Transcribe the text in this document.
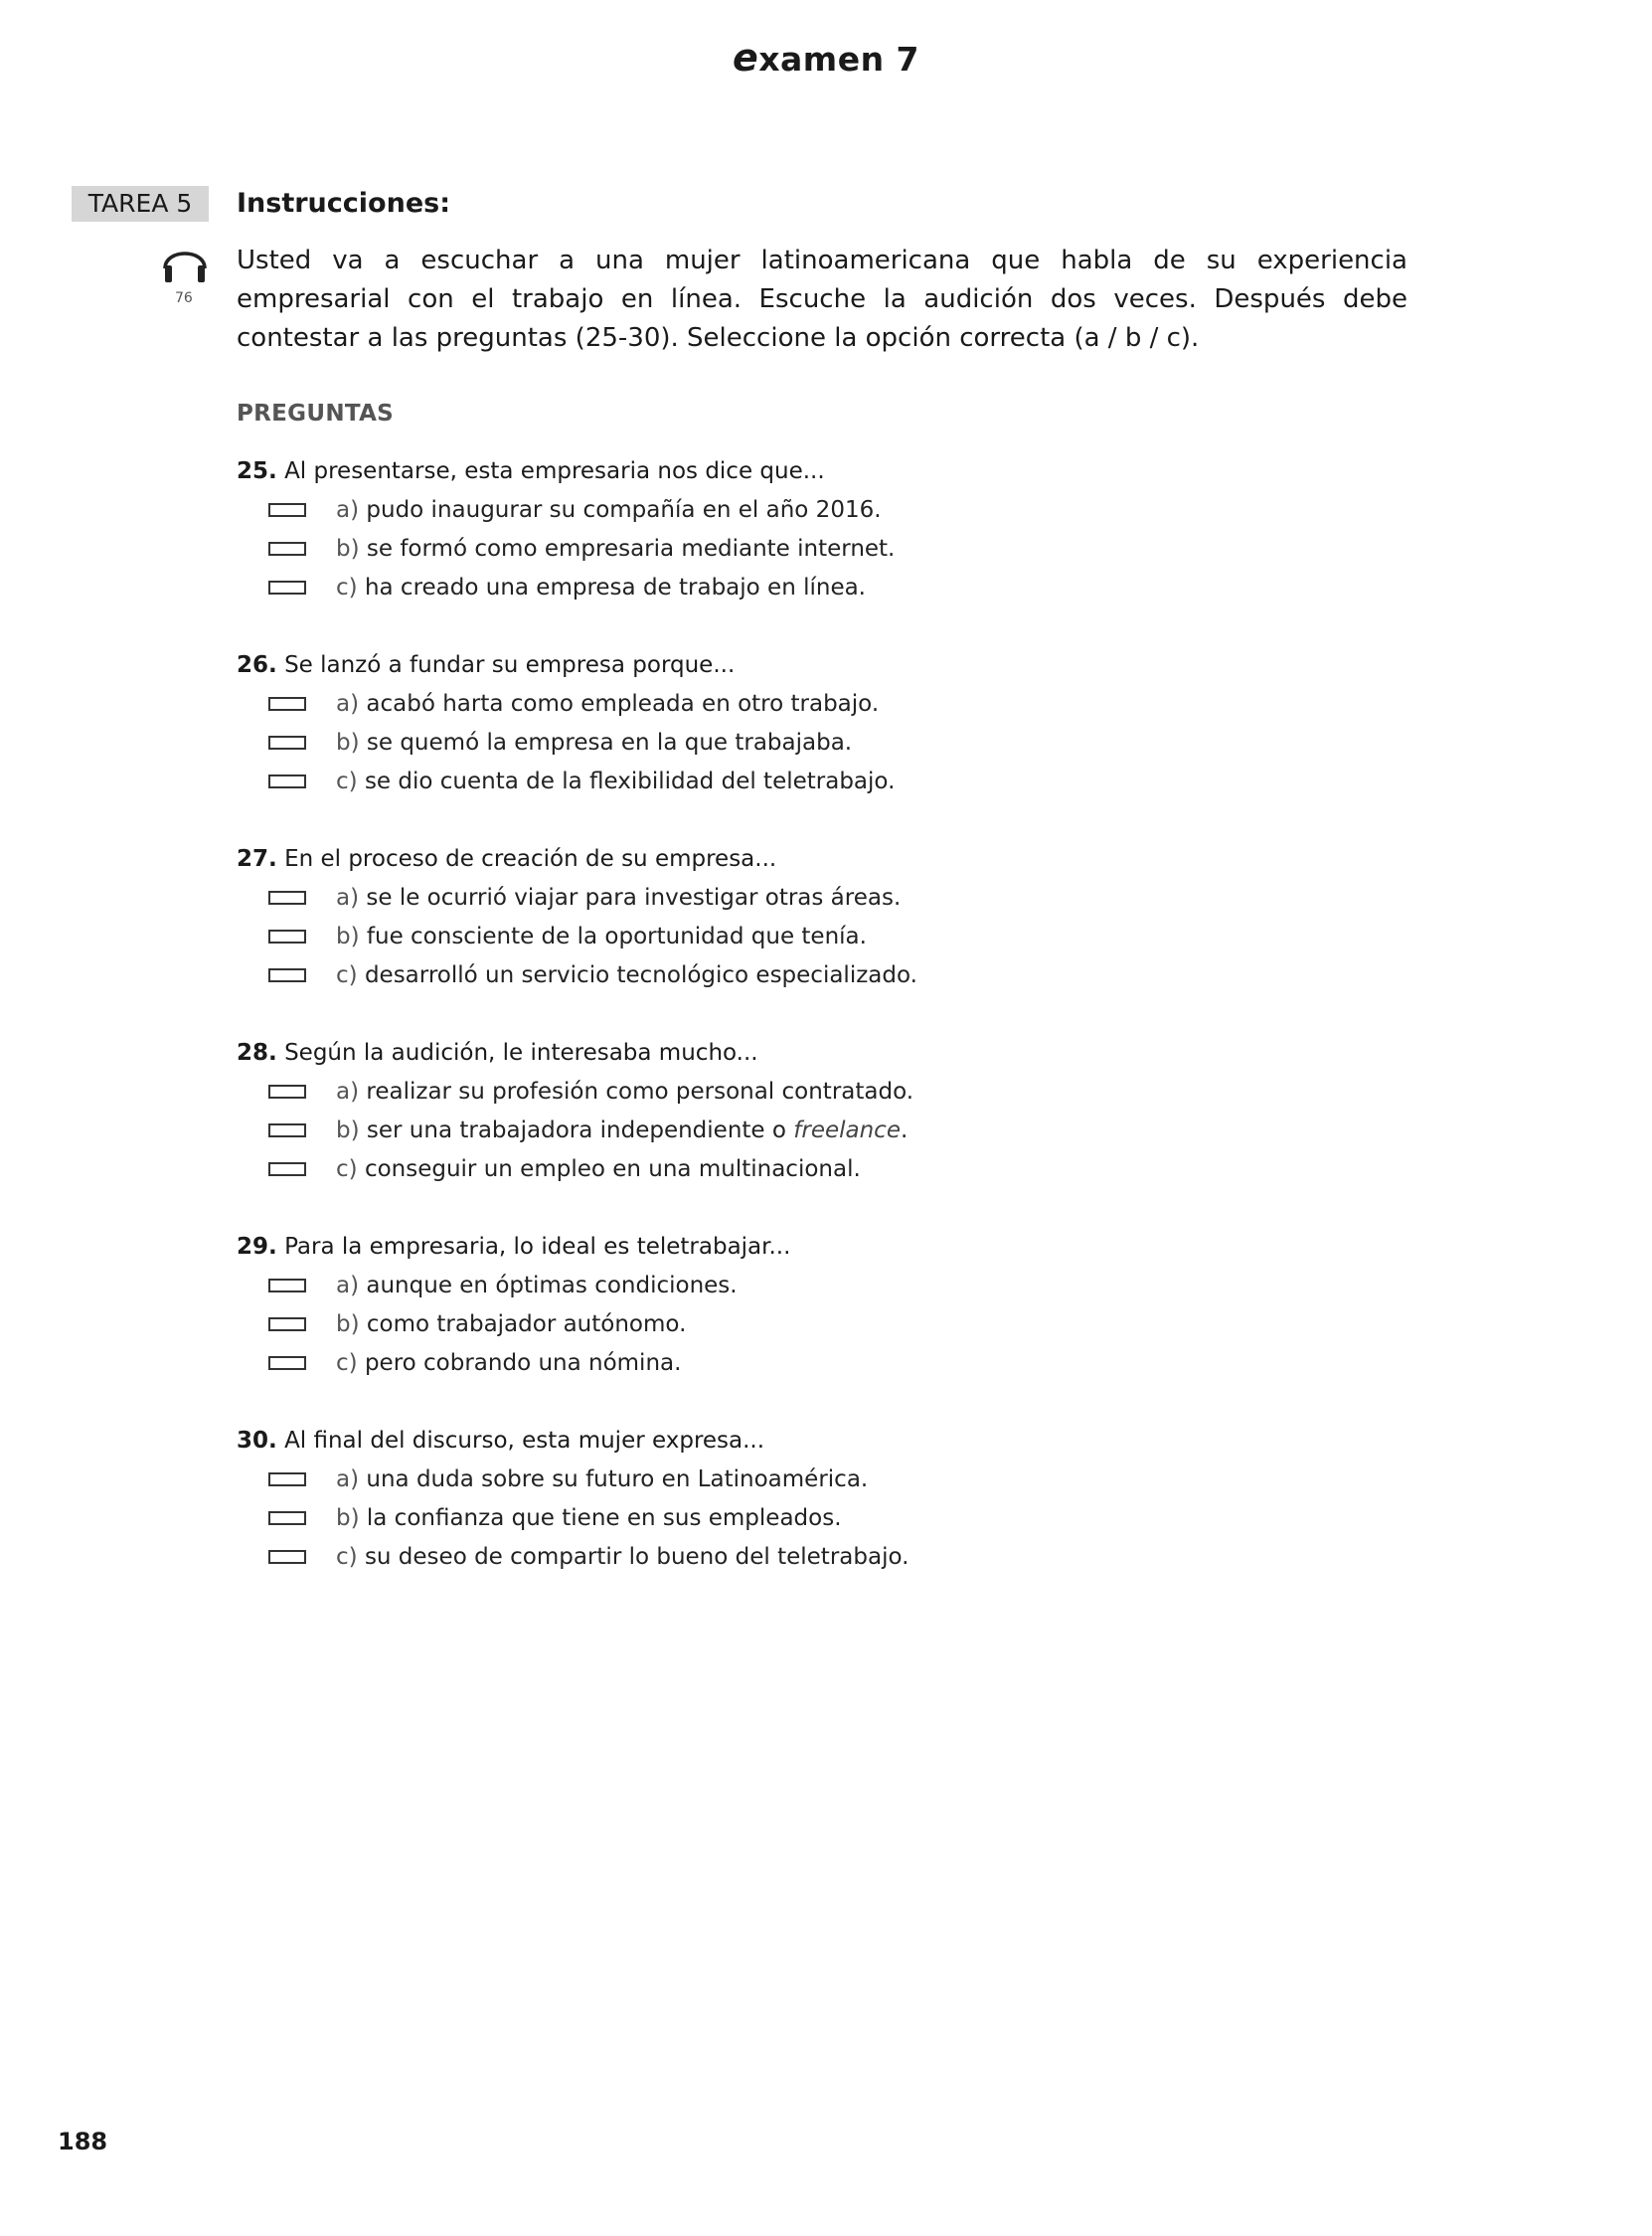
examen 7
TAREA 5	Instrucciones:
76
Usted va a escuchar a una mujer latinoamericana que habla de su experiencia empresarial con el trabajo en línea. Escuche la audición dos veces. Después debe contestar a las preguntas (25-30). Seleccione la opción correcta (a / b / c).
PREGUNTAS
25. Al presentarse, esta empresaria nos dice que...
a) pudo inaugurar su compañía en el año 2016.
b) se formó como empresaria mediante internet.
c) ha creado una empresa de trabajo en línea.
26. Se lanzó a fundar su empresa porque...
a) acabó harta como empleada en otro trabajo.
b) se quemó la empresa en la que trabajaba.
c) se dio cuenta de la flexibilidad del teletrabajo.
27. En el proceso de creación de su empresa...
a) se le ocurrió viajar para investigar otras áreas.
b) fue consciente de la oportunidad que tenía.
c) desarrolló un servicio tecnológico especializado.
28. Según la audición, le interesaba mucho...
a) realizar su profesión como personal contratado.
b) ser una trabajadora independiente o freelance.
c) conseguir un empleo en una multinacional.
29. Para la empresaria, lo ideal es teletrabajar...
a) aunque en óptimas condiciones.
b) como trabajador autónomo.
c) pero cobrando una nómina.
30. Al final del discurso, esta mujer expresa...
a) una duda sobre su futuro en Latinoamérica.
b) la confianza que tiene en sus empleados.
c) su deseo de compartir lo bueno del teletrabajo.
188
